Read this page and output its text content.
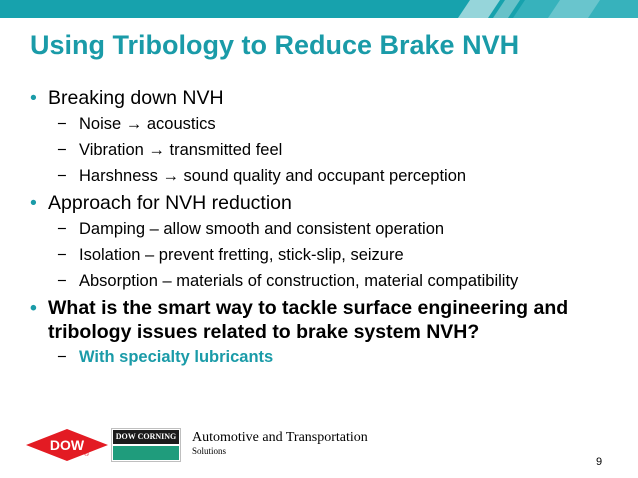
Using Tribology to Reduce Brake NVH
• Breaking down NVH
− Noise → acoustics
− Vibration → transmitted feel
− Harshness → sound quality and occupant perception
• Approach for NVH reduction
− Damping – allow smooth and consistent operation
− Isolation – prevent fretting, stick-slip, seizure
− Absorption – materials of construction, material compatibility
• What is the smart way to tackle surface engineering and tribology issues related to brake system NVH?
− With specialty lubricants
DOW
®
DOW CORNING Automotive and Transportation
Solutions
9
